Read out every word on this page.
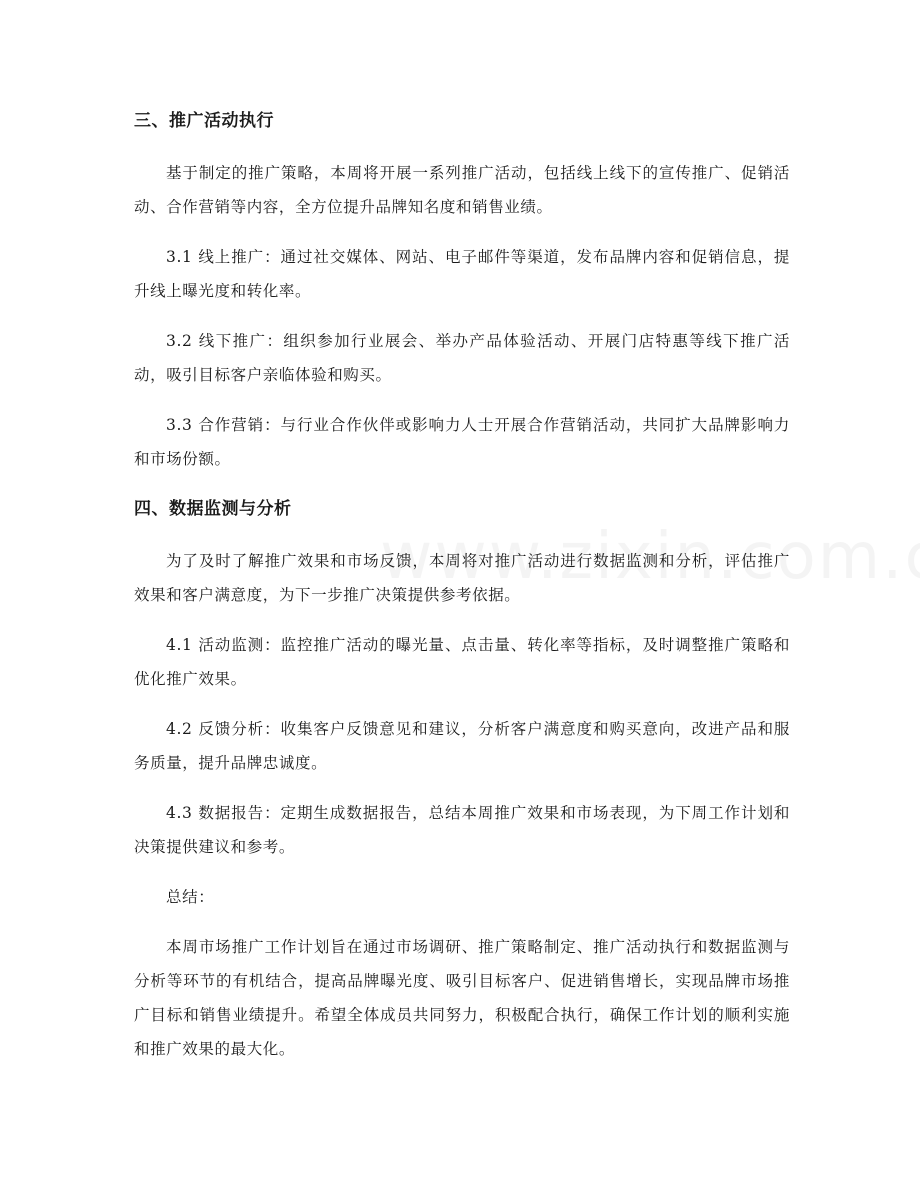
三、推广活动执行

基于制定的推广策略，本周将开展一系列推广活动，包括线上线下的宣传推广、促销活动、合作营销等内容，全方位提升品牌知名度和销售业绩。

3.1 线上推广：通过社交媒体、网站、电子邮件等渠道，发布品牌内容和促销信息，提升线上曝光度和转化率。

3.2 线下推广：组织参加行业展会、举办产品体验活动、开展门店特惠等线下推广活动，吸引目标客户亲临体验和购买。

3.3 合作营销：与行业合作伙伴或影响力人士开展合作营销活动，共同扩大品牌影响力和市场份额。

四、数据监测与分析

为了及时了解推广效果和市场反馈，本周将对推广活动进行数据监测和分析，评估推广效果和客户满意度，为下一步推广决策提供参考依据。

4.1 活动监测：监控推广活动的曝光量、点击量、转化率等指标，及时调整推广策略和优化推广效果。

4.2 反馈分析：收集客户反馈意见和建议，分析客户满意度和购买意向，改进产品和服务质量，提升品牌忠诚度。

4.3 数据报告：定期生成数据报告，总结本周推广效果和市场表现，为下周工作计划和决策提供建议和参考。

总结：

本周市场推广工作计划旨在通过市场调研、推广策略制定、推广活动执行和数据监测与分析等环节的有机结合，提高品牌曝光度、吸引目标客户、促进销售增长，实现品牌市场推广目标和销售业绩提升。希望全体成员共同努力，积极配合执行，确保工作计划的顺利实施和推广效果的最大化。
